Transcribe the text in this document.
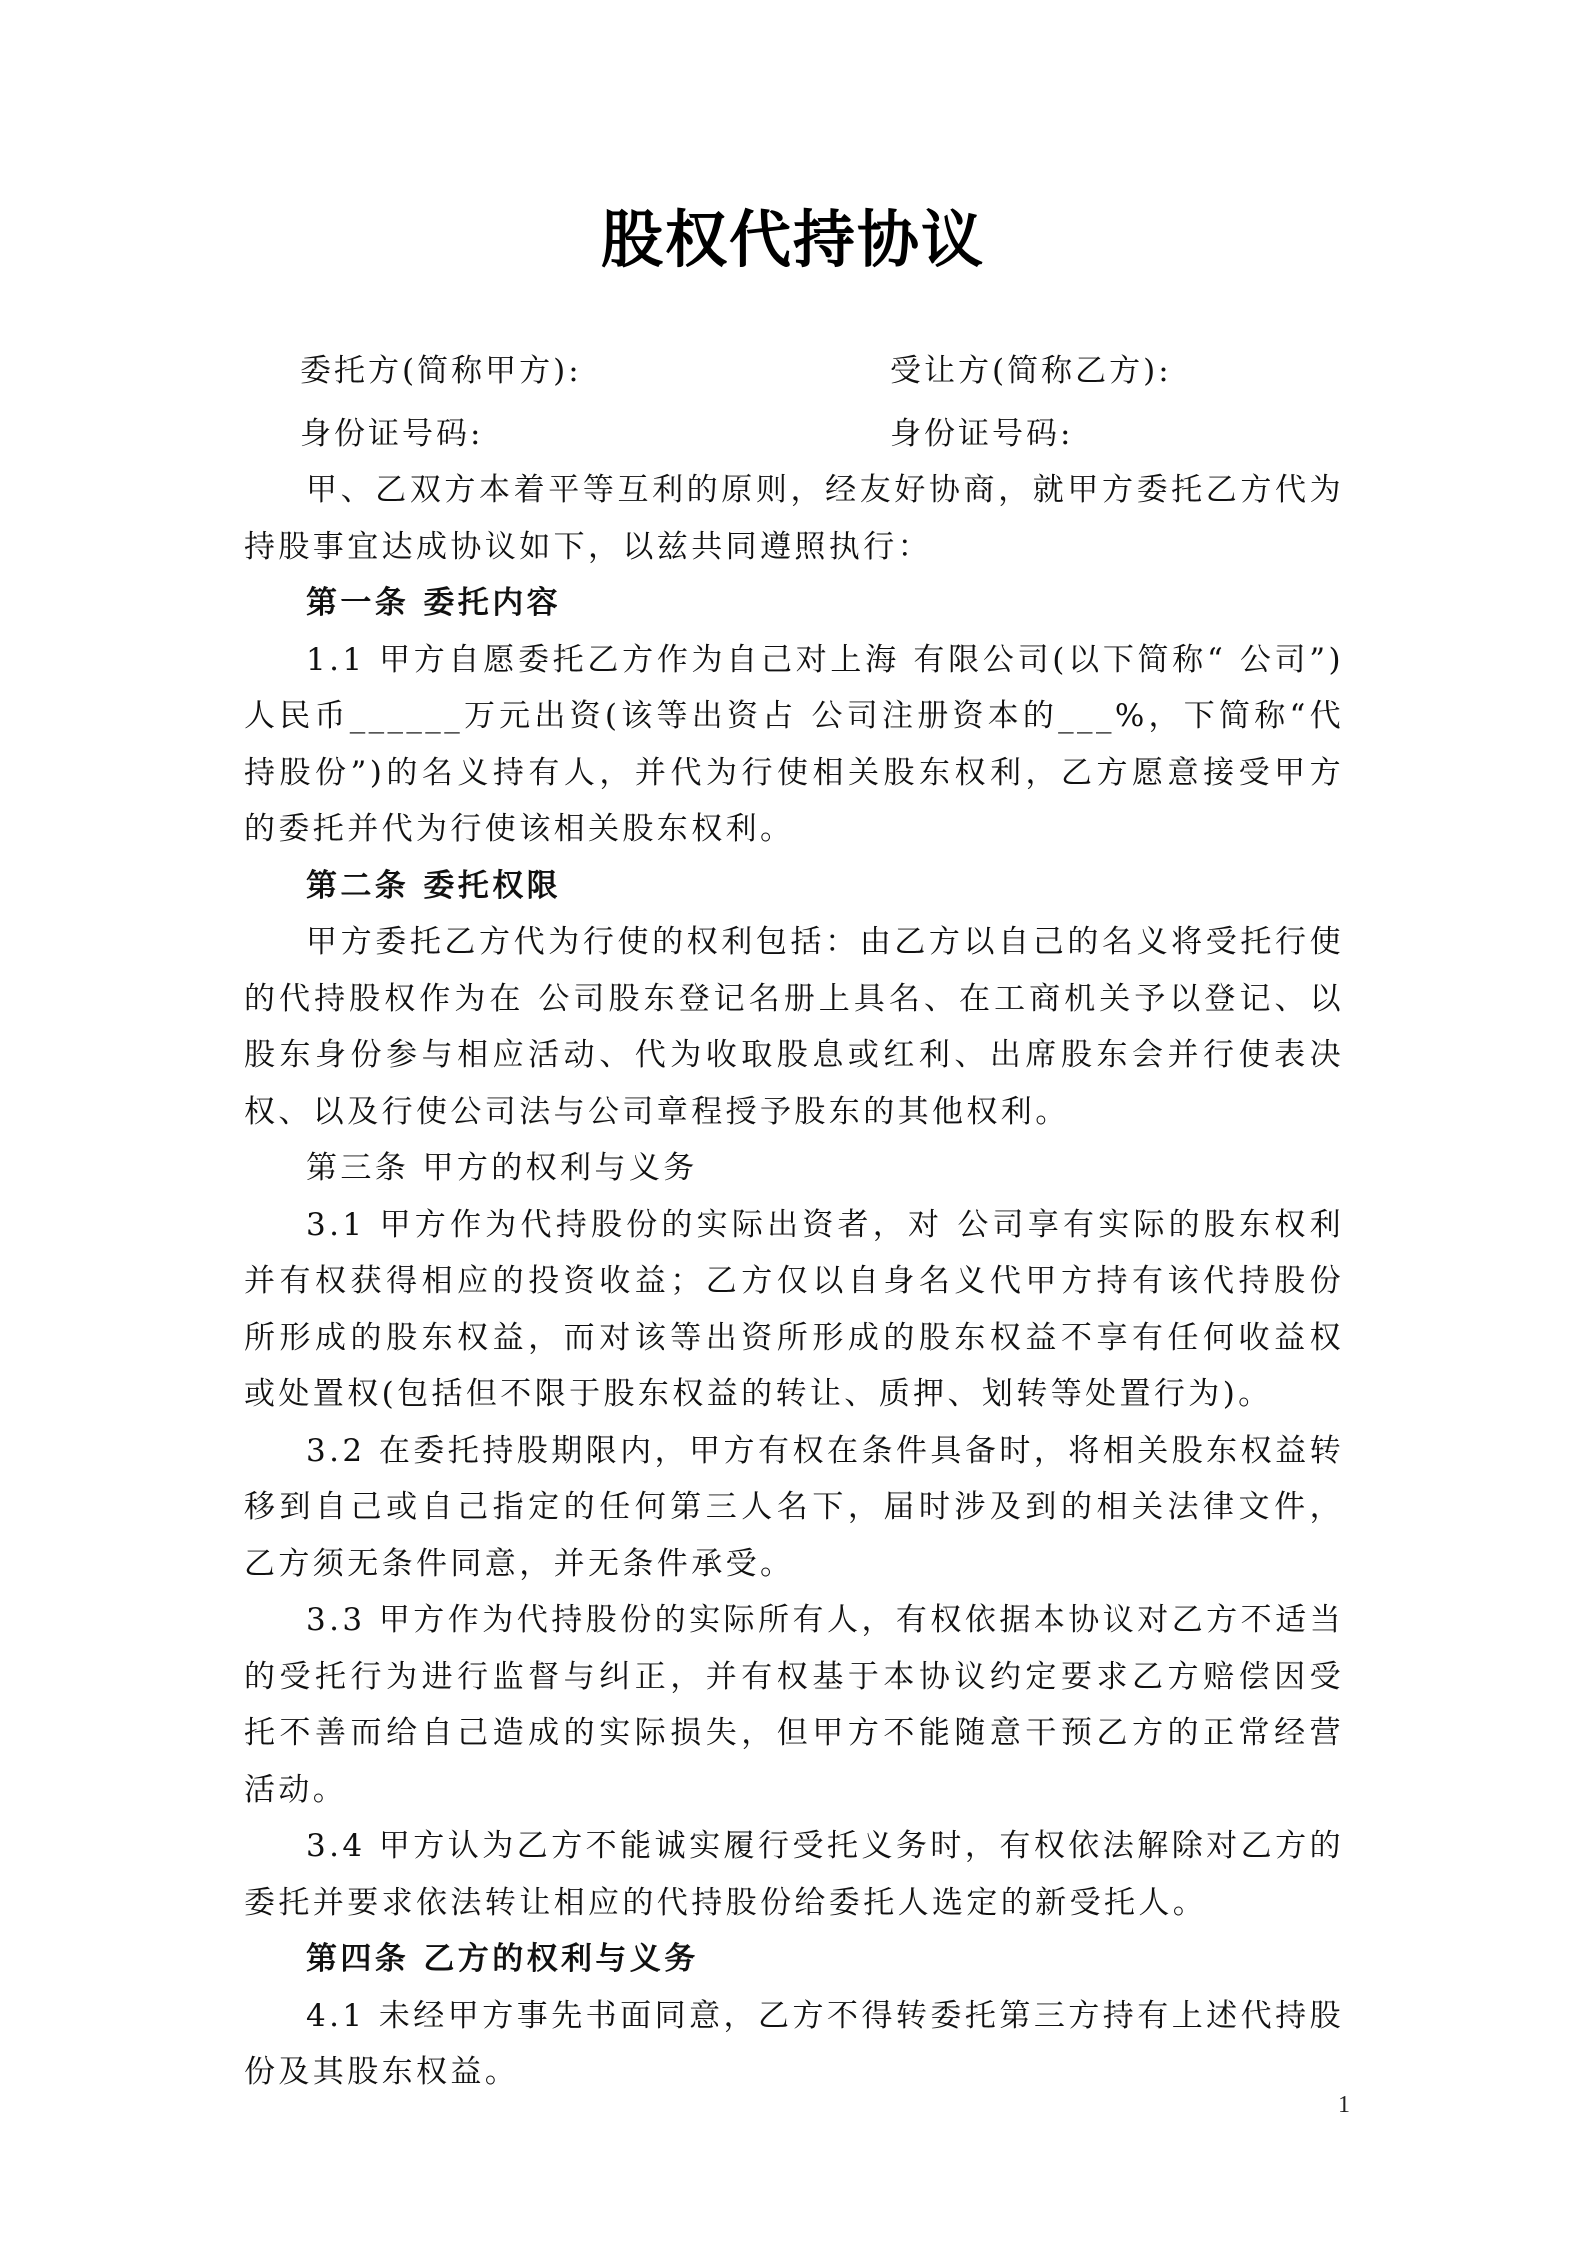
股权代持协议
委托方(简称甲方):	受让方(简称乙方):
身份证号码:	身份证号码:

甲、乙双方本着平等互利的原则，经友好协商，就甲方委托乙方代为持股事宜达成协议如下，以兹共同遵照执行：

第一条 委托内容

1.1 甲方自愿委托乙方作为自己对上海 有限公司(以下简称“ 公司”)人民币______万元出资(该等出资占 公司注册资本的___%，下简称“代持股份”)的名义持有人，并代为行使相关股东权利，乙方愿意接受甲方的委托并代为行使该相关股东权利。

第二条 委托权限

甲方委托乙方代为行使的权利包括：由乙方以自己的名义将受托行使的代持股权作为在 公司股东登记名册上具名、在工商机关予以登记、以股东身份参与相应活动、代为收取股息或红利、出席股东会并行使表决权、以及行使公司法与公司章程授予股东的其他权利。

第三条 甲方的权利与义务

3.1 甲方作为代持股份的实际出资者，对 公司享有实际的股东权利并有权获得相应的投资收益；乙方仅以自身名义代甲方持有该代持股份所形成的股东权益，而对该等出资所形成的股东权益不享有任何收益权或处置权(包括但不限于股东权益的转让、质押、划转等处置行为)。

3.2 在委托持股期限内，甲方有权在条件具备时，将相关股东权益转移到自己或自己指定的任何第三人名下，届时涉及到的相关法律文件，乙方须无条件同意，并无条件承受。

3.3 甲方作为代持股份的实际所有人，有权依据本协议对乙方不适当的受托行为进行监督与纠正，并有权基于本协议约定要求乙方赔偿因受托不善而给自己造成的实际损失，但甲方不能随意干预乙方的正常经营活动。

3.4 甲方认为乙方不能诚实履行受托义务时，有权依法解除对乙方的委托并要求依法转让相应的代持股份给委托人选定的新受托人。

第四条 乙方的权利与义务

4.1 未经甲方事先书面同意，乙方不得转委托第三方持有上述代持股份及其股东权益。

1
